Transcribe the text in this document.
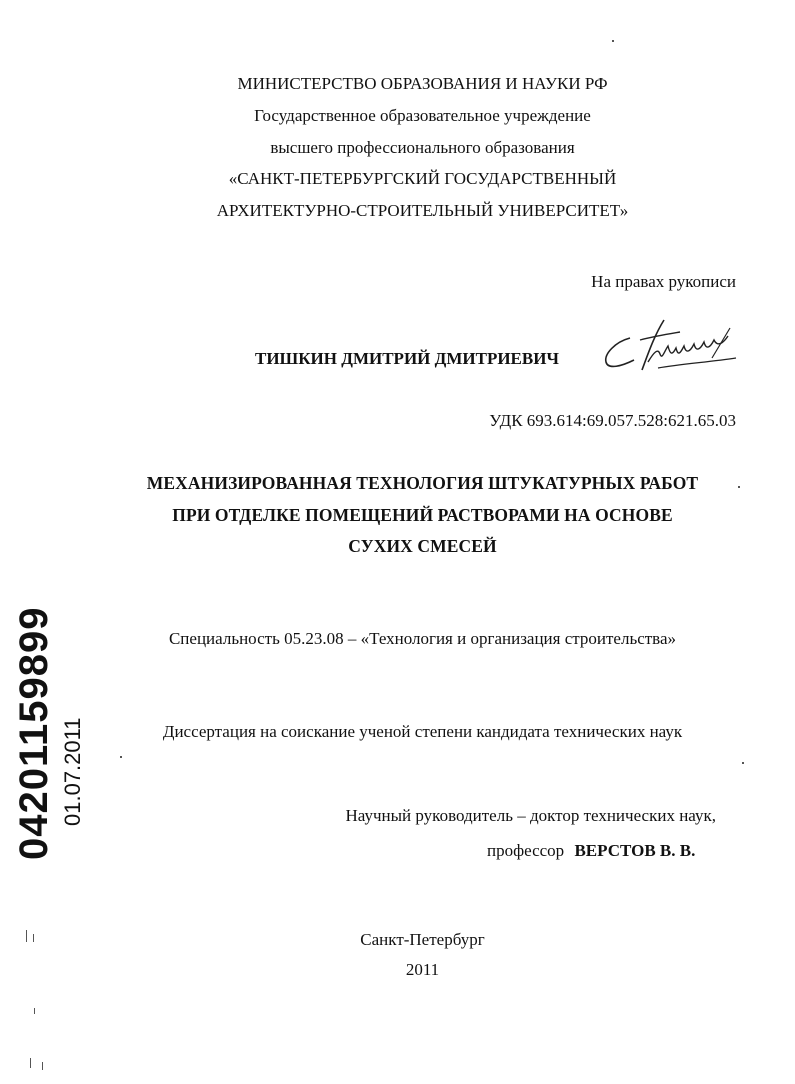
МИНИСТЕРСТВО ОБРАЗОВАНИЯ И НАУКИ РФ
Государственное образовательное учреждение
высшего профессионального образования
«САНКТ-ПЕТЕРБУРГСКИЙ ГОСУДАРСТВЕННЫЙ
АРХИТЕКТУРНО-СТРОИТЕЛЬНЫЙ УНИВЕРСИТЕТ»
На правах рукописи
ТИШКИН ДМИТРИЙ ДМИТРИЕВИЧ
УДК 693.614:69.057.528:621.65.03
МЕХАНИЗИРОВАННАЯ ТЕХНОЛОГИЯ ШТУКАТУРНЫХ РАБОТ
ПРИ ОТДЕЛКЕ ПОМЕЩЕНИЙ РАСТВОРАМИ НА ОСНОВЕ
СУХИХ СМЕСЕЙ
Специальность 05.23.08 – «Технология и организация строительства»
Диссертация на соискание ученой степени кандидата технических наук
Научный руководитель – доктор технических наук,
профессор ВЕРСТОВ В. В.
Санкт-Петербург
2011
04201159899 01.07.2011
